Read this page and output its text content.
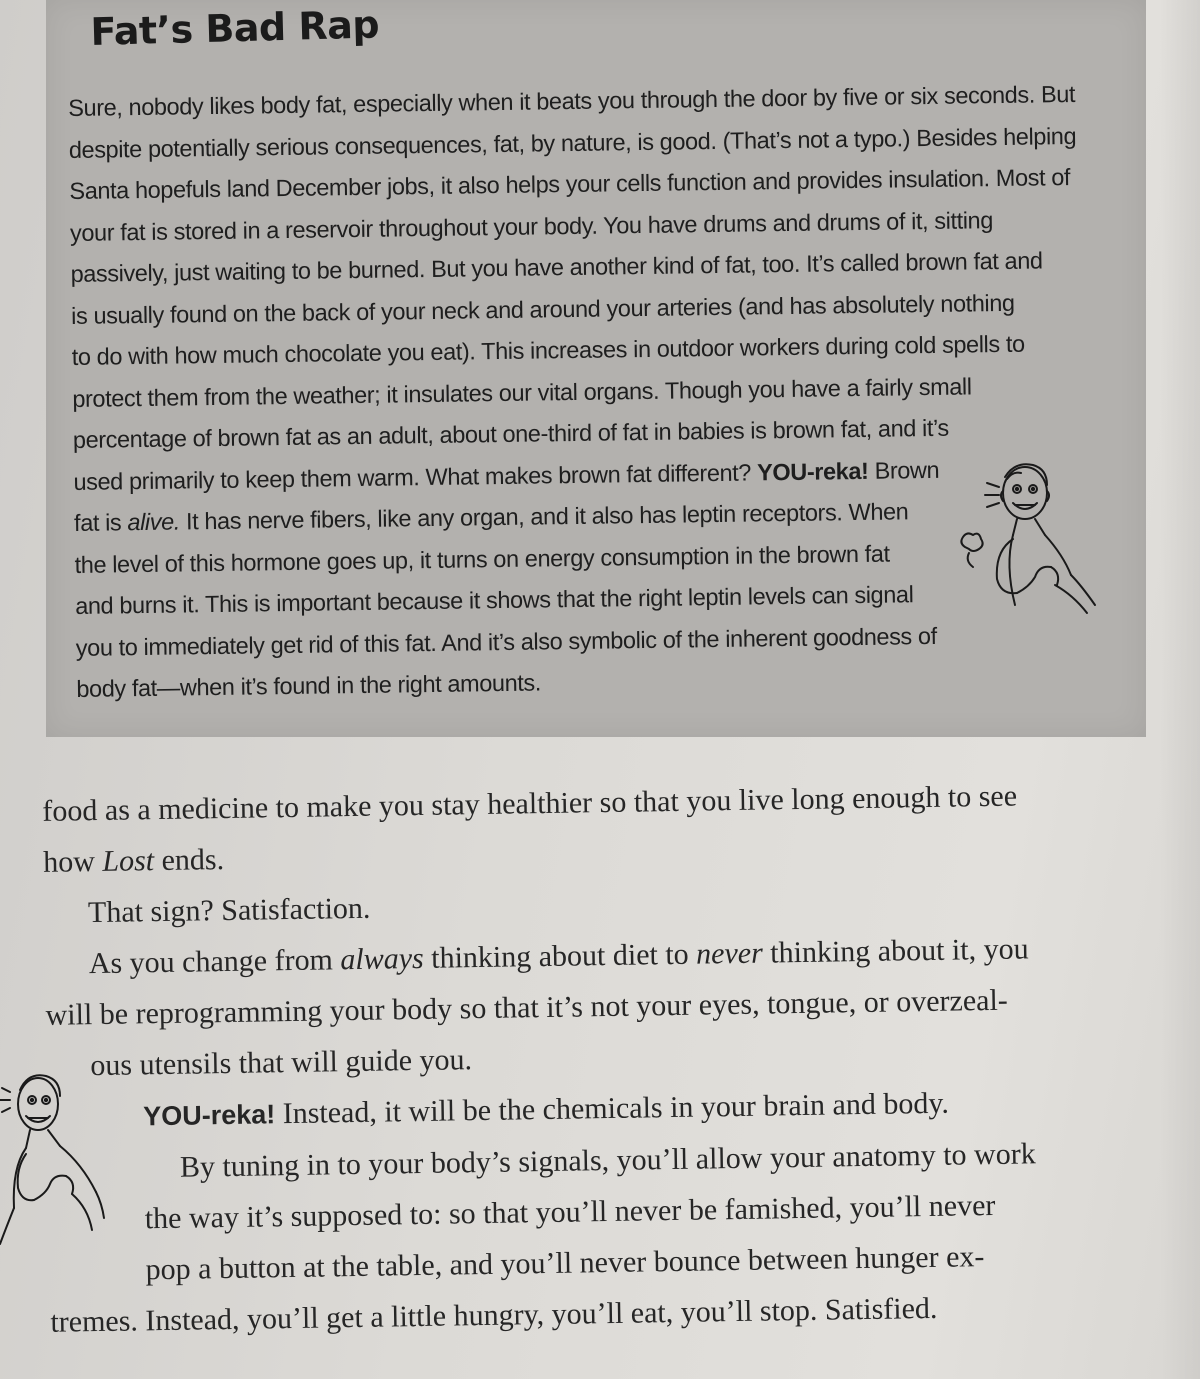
Fat’s Bad Rap
Sure, nobody likes body fat, especially when it beats you through the door by five or six seconds. But
despite potentially serious consequences, fat, by nature, is good. (That’s not a typo.) Besides helping
Santa hopefuls land December jobs, it also helps your cells function and provides insulation. Most of
your fat is stored in a reservoir throughout your body. You have drums and drums of it, sitting
passively, just waiting to be burned. But you have another kind of fat, too. It’s called brown fat and
is usually found on the back of your neck and around your arteries (and has absolutely nothing
to do with how much chocolate you eat). This increases in outdoor workers during cold spells to
protect them from the weather; it insulates our vital organs. Though you have a fairly small
percentage of brown fat as an adult, about one-third of fat in babies is brown fat, and it’s
used primarily to keep them warm. What makes brown fat different? YOU-reka! Brown
fat is alive. It has nerve fibers, like any organ, and it also has leptin receptors. When
the level of this hormone goes up, it turns on energy consumption in the brown fat
and burns it. This is important because it shows that the right leptin levels can signal
you to immediately get rid of this fat. And it’s also symbolic of the inherent goodness of
body fat—when it’s found in the right amounts.
food as a medicine to make you stay healthier so that you live long enough to see
how Lost ends.
That sign? Satisfaction.
As you change from always thinking about diet to never thinking about it, you
will be reprogramming your body so that it’s not your eyes, tongue, or overzeal-
ous utensils that will guide you.
YOU-reka! Instead, it will be the chemicals in your brain and body.
By tuning in to your body’s signals, you’ll allow your anatomy to work
the way it’s supposed to: so that you’ll never be famished, you’ll never
pop a button at the table, and you’ll never bounce between hunger ex-
tremes. Instead, you’ll get a little hungry, you’ll eat, you’ll stop. Satisfied.
